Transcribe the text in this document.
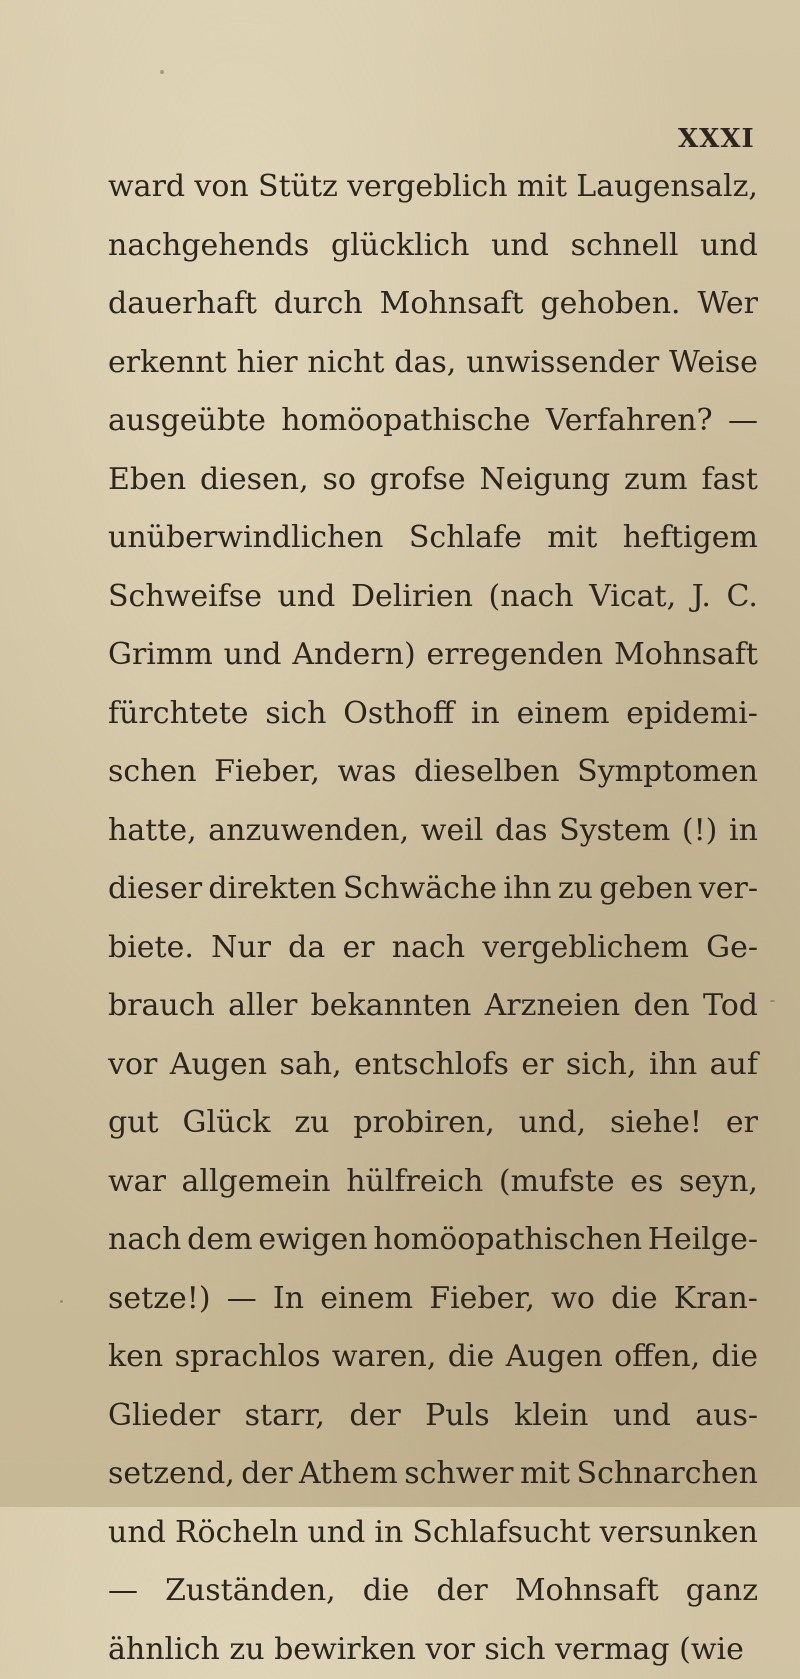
XXXI
ward von Stütz vergeblich mit Laugensalz,
nachgehends glücklich und schnell und
dauerhaft durch Mohnsaft gehoben. Wer
erkennt hier nicht das, unwissender Weise
ausgeübte homöopathische Verfahren? —
Eben diesen, so grofse Neigung zum fast
unüberwindlichen Schlafe mit heftigem
Schweifse und Delirien (nach Vicat, J. C.
Grimm und Andern) erregenden Mohnsaft
fürchtete sich Osthoff in einem epidemi-
schen Fieber, was dieselben Symptomen
hatte, anzuwenden, weil das System (!) in
dieser direkten Schwäche ihn zu geben ver-
biete. Nur da er nach vergeblichem Ge-
brauch aller bekannten Arzneien den Tod
vor Augen sah, entschlofs er sich, ihn auf
gut Glück zu probiren, und, siehe! er
war allgemein hülfreich (mufste es seyn,
nach dem ewigen homöopathischen Heilge-
setze!) — In einem Fieber, wo die Kran-
ken sprachlos waren, die Augen offen, die
Glieder starr, der Puls klein und aus-
setzend, der Athem schwer mit Schnarchen
und Röcheln und in Schlafsucht versunken
— Zuständen, die der Mohnsaft ganz
ähnlich
zu
bewirken
vor
sich
vermag
(wie
